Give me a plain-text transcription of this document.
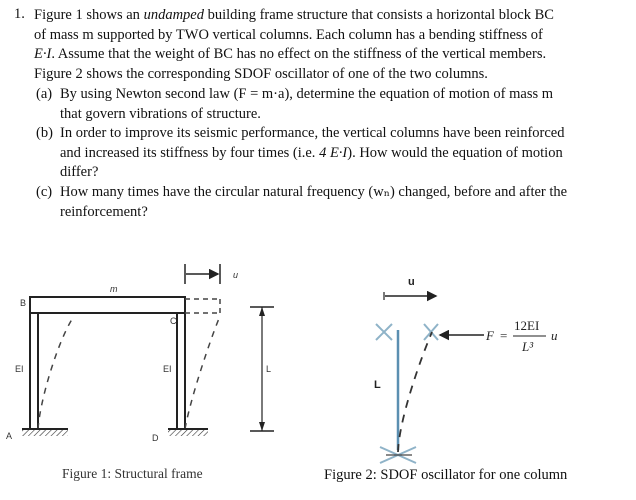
1. Figure 1 shows an undamped building frame structure that consists a horizontal block BC
of mass m supported by TWO vertical columns. Each column has a bending stiffness of
E·I. Assume that the weight of BC has no effect on the stiffness of the vertical members.
Figure 2 shows the corresponding SDOF oscillator of one of the two columns.
(a) By using Newton second law (F = m·a), determine the equation of motion of mass m
that govern vibrations of structure.
(b) In order to improve its seismic performance, the vertical columns have been reinforced
and increased its stiffness by four times (i.e. 4 E·I). How would the equation of motion
differ?
(c) How many times have the circular natural frequency (wₙ) changed, before and after the
reinforcement?
m
B
C
EI	EI
A	D
L
u
u
L
F =
12EI
L³
u
Figure 1: Structural frame	Figure 2: SDOF oscillator for one column
